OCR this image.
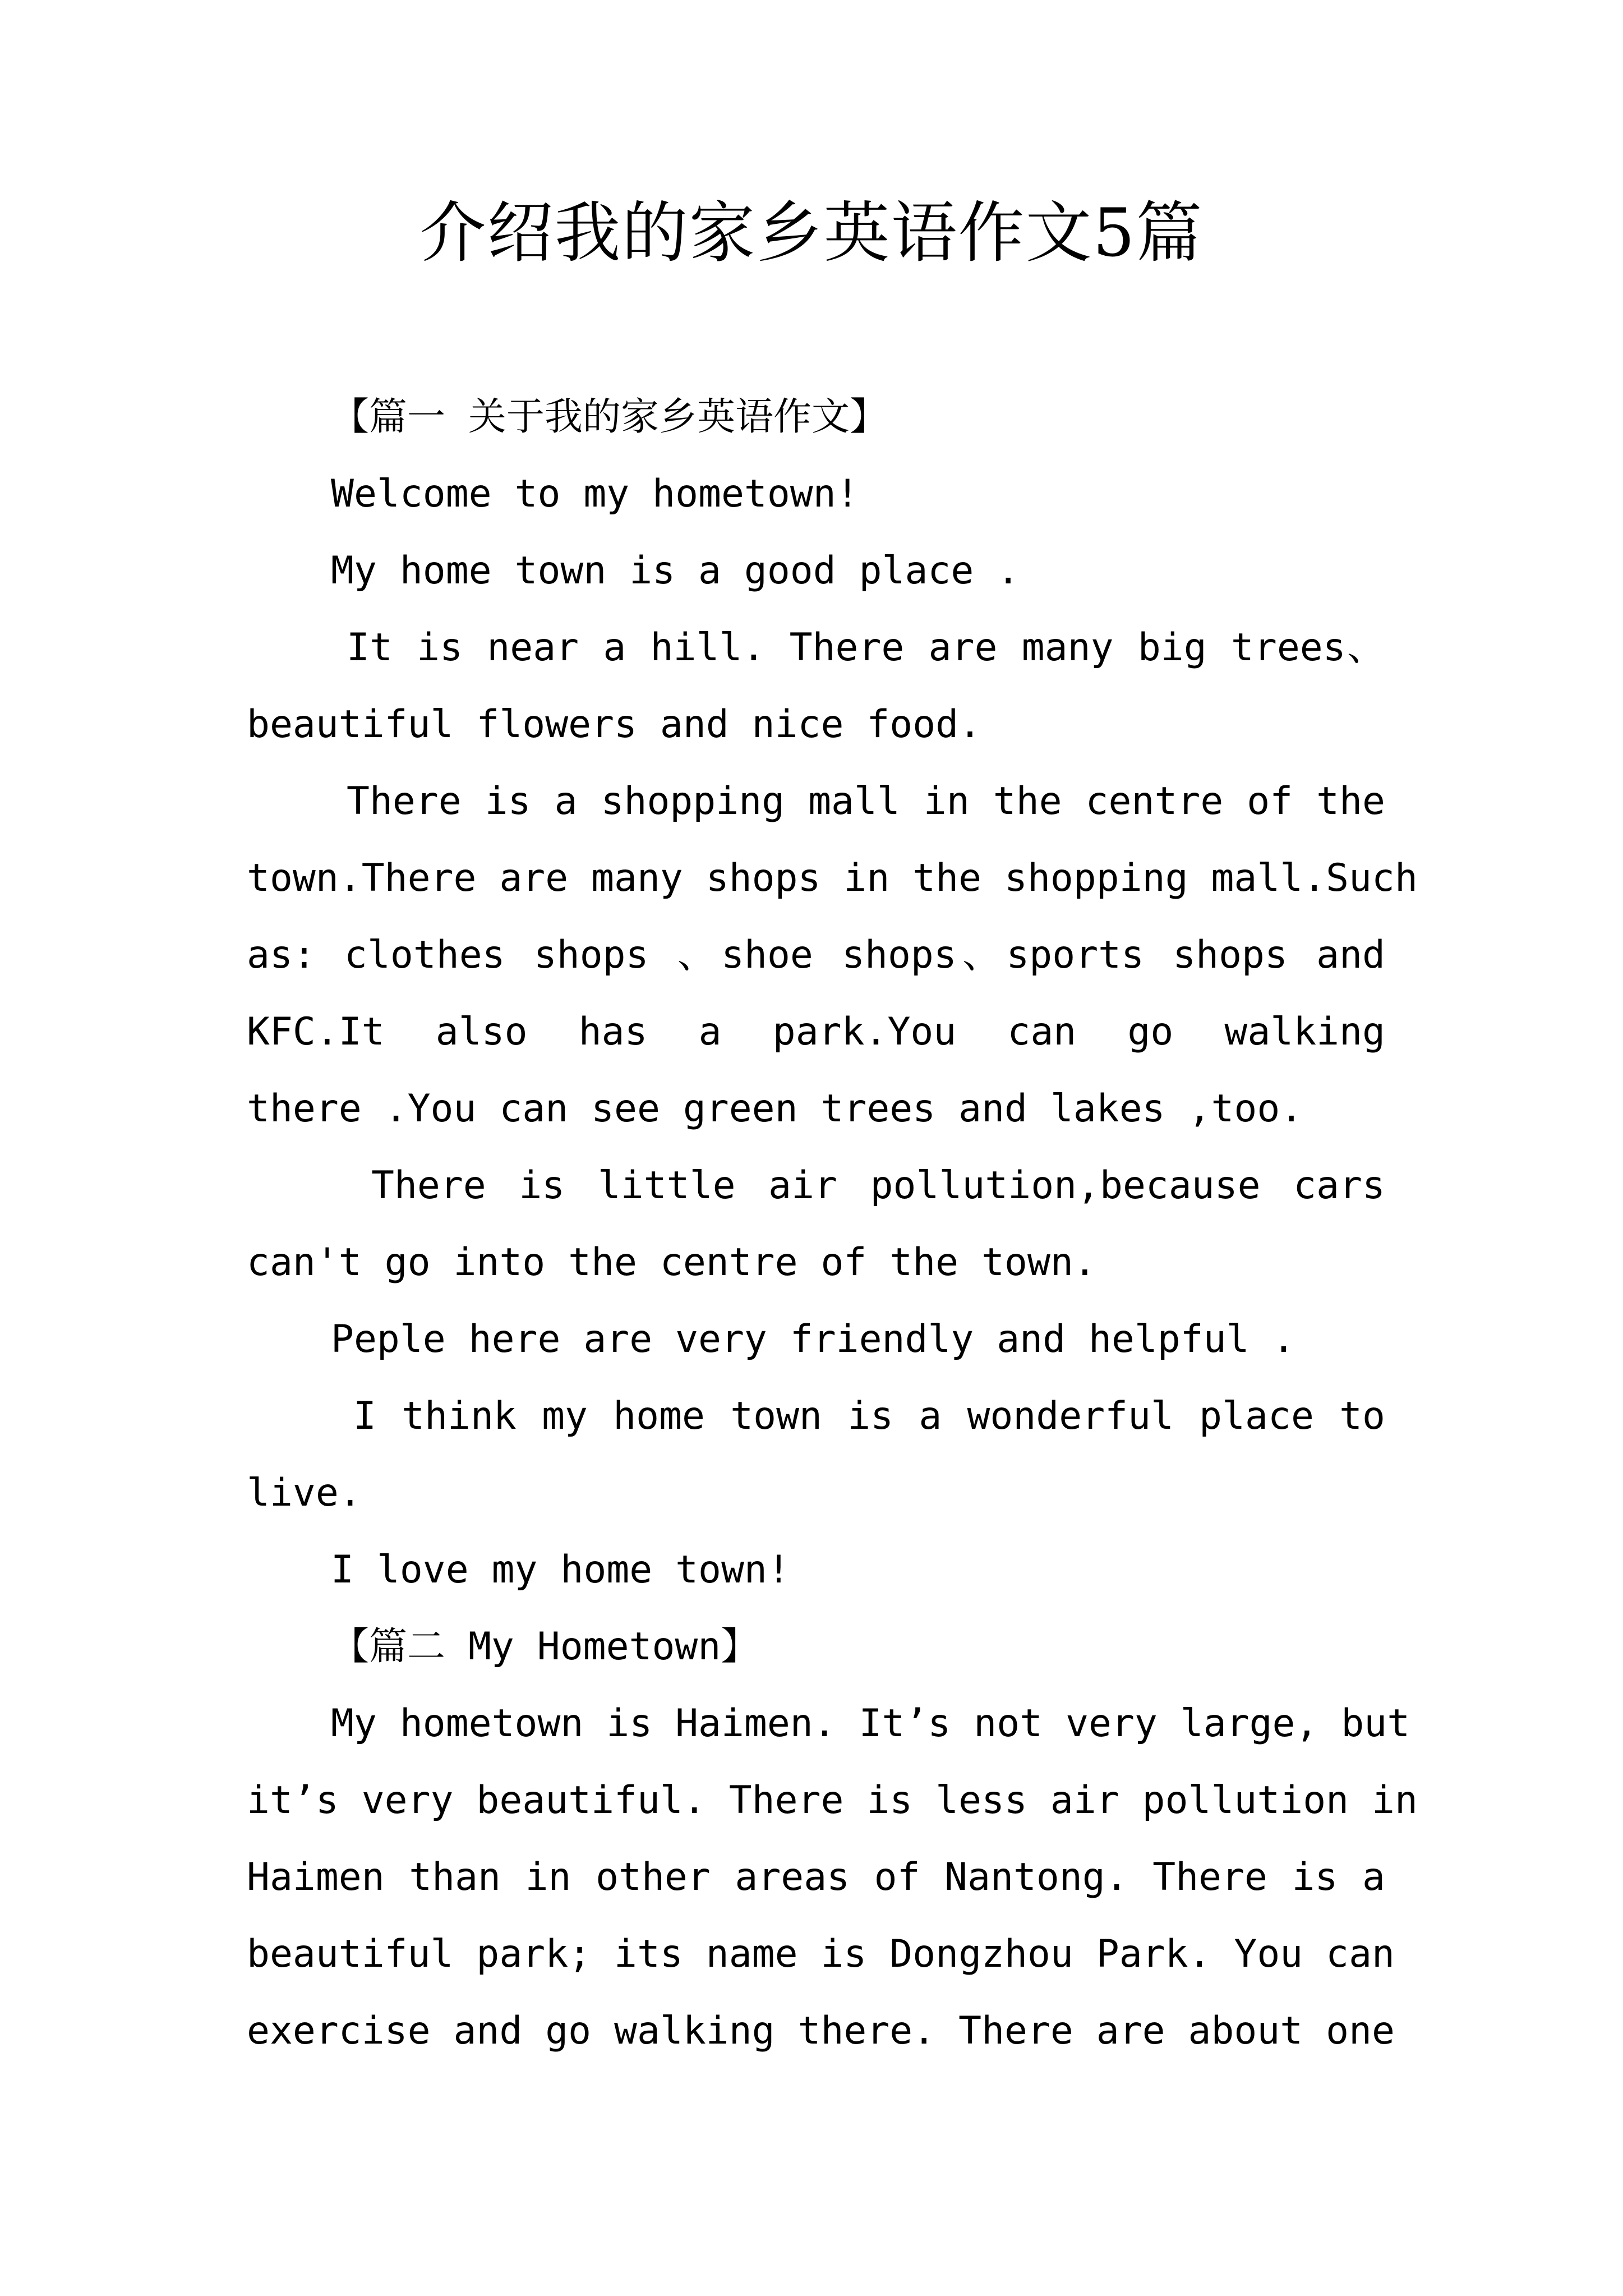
介绍我的家乡英语作文5篇
【篇一 关于我的家乡英语作文】
Welcome to my hometown!
My home town is a good place .
It is near a hill. There are many big trees、
beautiful flowers and nice food.
There is a shopping mall in the centre of the
town.There are many shops in the shopping mall.Such
as: clothes shops 、shoe shops、sports shops and
KFC.It also has a park.You can go walking
there .You can see green trees and lakes ,too.
There is little air pollution,because cars
can't go into the centre of the town.
Peple here are very friendly and helpful .
I think my home town is a wonderful place to
live.
I love my home town!
【篇二 My Hometown】
My hometown is Haimen. It’s not very large, but
it’s very beautiful. There is less air pollution in
Haimen than in other areas of Nantong. There is a
beautiful park; its name is Dongzhou Park. You can
exercise and go walking there. There are about one
